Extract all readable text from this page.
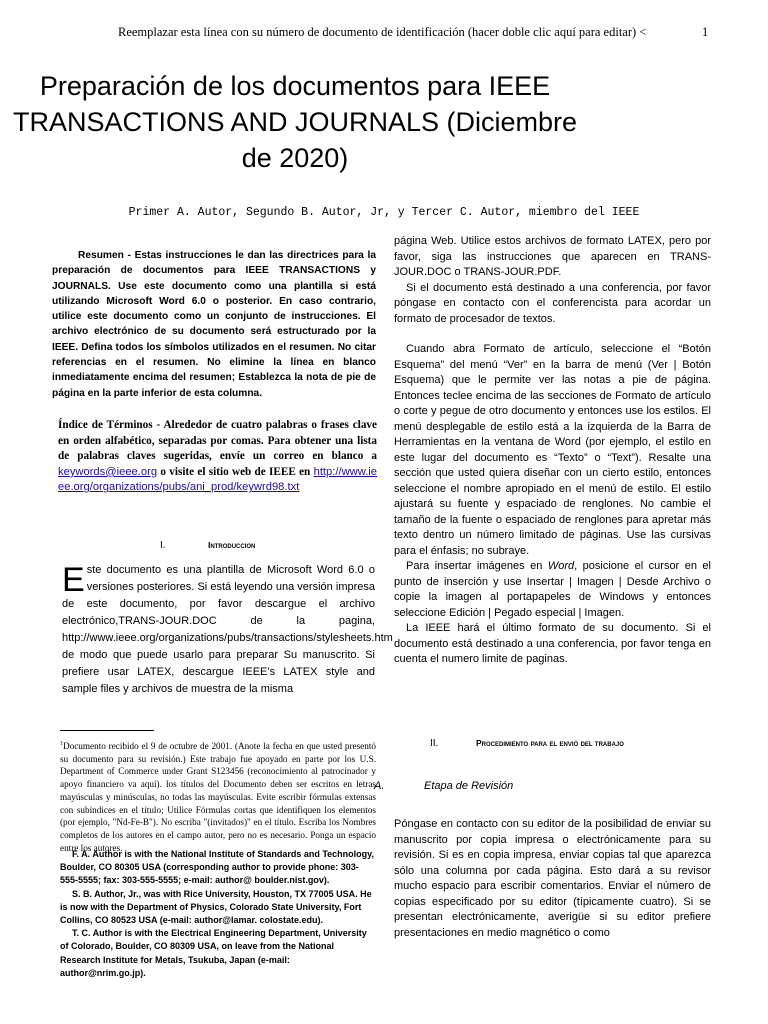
Reemplazar esta línea con su número de documento de identificación (hacer doble clic aquí para editar) <	1
Preparación de los documentos para IEEE TRANSACTIONS AND JOURNALS (Diciembre de 2020)
Primer A. Autor, Segundo B. Autor, Jr, y Tercer C. Autor, miembro del IEEE
Resumen - Estas instrucciones le dan las directrices para la preparación de documentos para IEEE TRANSACTIONS y JOURNALS. Use este documento como una plantilla si está utilizando Microsoft Word 6.0 o posterior. En caso contrario, utilice este documento como un conjunto de instrucciones. El archivo electrónico de su documento será estructurado por la IEEE. Defina todos los símbolos utilizados en el resumen. No citar referencias en el resumen. No elimine la línea en blanco inmediatamente encima del resumen; Establezca la nota de pie de página en la parte inferior de esta columna.
Índice de Términos - Alrededor de cuatro palabras o frases clave en orden alfabético, separadas por comas. Para obtener una lista de palabras claves sugeridas, envíe un correo en blanco a keywords@ieee.org o visite el sitio web de IEEE en http://www.ieee.org/organizations/pubs/ani_prod/keywrd98.txt
I.	Introduccion
Este documento es una plantilla de Microsoft Word 6.0 o versiones posteriores. Si está leyendo una versión impresa de este documento, por favor descargue el archivo electrónico,TRANS-JOUR.DOC de la pagina, http://www.ieee.org/organizations/pubs/transactions/stylesheets.htm de modo que puede usarlo para preparar Su manuscrito. Si prefiere usar LATEX, descargue IEEE’s LATEX style and sample files y archivos de muestra de la misma
$^1$Documento recibido el 9 de octubre de 2001. (Anote la fecha en que usted presentó su documento para su revisión.) Este trabajo fue apoyado en parte por los U.S. Department of Commerce under Grant S123456 (reconocimiento al patrocinador y apoyo financiero va aquí). los títulos del Documento deben ser escritos en letras mayúsculas y minúsculas, no todas las mayúsculas. Evite escribir fórmulas extensas con subíndices en el título; Utilice Fórmulas cortas que identifiquen los elementos (por ejemplo, "Nd-Fe-B"). No escriba "(invitados)" en el título. Escriba los Nombres completos de los autores en el campo autor, pero no es necesario. Ponga un espacio entre los autores.

F. A. Author is with the National Institute of Standards and Technology, Boulder, CO 80305 USA (corresponding author to provide phone: 303-555-5555; fax: 303-555-5555; e-mail: author@ boulder.nist.gov).

S. B. Author, Jr., was with Rice University, Houston, TX 77005 USA. He is now with the Department of Physics, Colorado State University, Fort Collins, CO 80523 USA (e-mail: author@lamar. colostate.edu).

T. C. Author is with the Electrical Engineering Department, University of Colorado, Boulder, CO 80309 USA, on leave from the National Research Institute for Metals, Tsukuba, Japan (e-mail: author@nrim.go.jp).

página Web. Utilice estos archivos de formato LATEX, pero por favor, siga las instrucciones que aparecen en TRANS-JOUR.DOC o TRANS-JOUR.PDF.

Si el documento está destinado a una conferencia, por favor póngase en contacto con el conferencista para acordar un formato de procesador de textos.

Cuando abra Formato de artículo, seleccione el “Botón Esquema” del menú “Ver” en la barra de menú (Ver | Botón Esquema) que le permite ver las notas a pie de página. Entonces teclee encima de las secciones de Formato de artículo o corte y pegue de otro documento y entonces use los estilos. El menú desplegable de estilo está a la izquierda de la Barra de Herramientas en la ventana de Word (por ejemplo, el estilo en este lugar del documento es “Texto” o “Text”). Resalte una sección que usted quiera diseñar con un cierto estilo, entonces seleccione el nombre apropiado en el menú de estilo. El estilo ajustará su fuente y espaciado de renglones. No cambie el tamaño de la fuente o espaciado de renglones para apretar más texto dentro un número limitado de páginas. Use las cursivas para el énfasis; no subraye.

Para insertar imágenes en Word, posicione el cursor en el punto de inserción y use Insertar | Imagen | Desde Archivo o copie la imagen al portapapeles de Windows y entonces seleccione Edición | Pegado especial | Imagen.

La IEEE hará el último formato de su documento. Si el documento está destinado a una conferencia, por favor tenga en cuenta el numero limite de paginas.

II.	Procedimiento para el envió del trabajo
A.	Etapa de Revisión
Póngase en contacto con su editor de la posibilidad de enviar su manuscrito por copia impresa o electrónicamente para su revisión. Si es en copia impresa, enviar copias tal que aparezca sólo una columna por cada página. Esto dará a su revisor mucho espacio para escribir comentarios. Enviar el número de copias especificado por su editor (típicamente cuatro). Si se presentan electrónicamente, averigüe si su editor prefiere presentaciones en medio magnético o como
